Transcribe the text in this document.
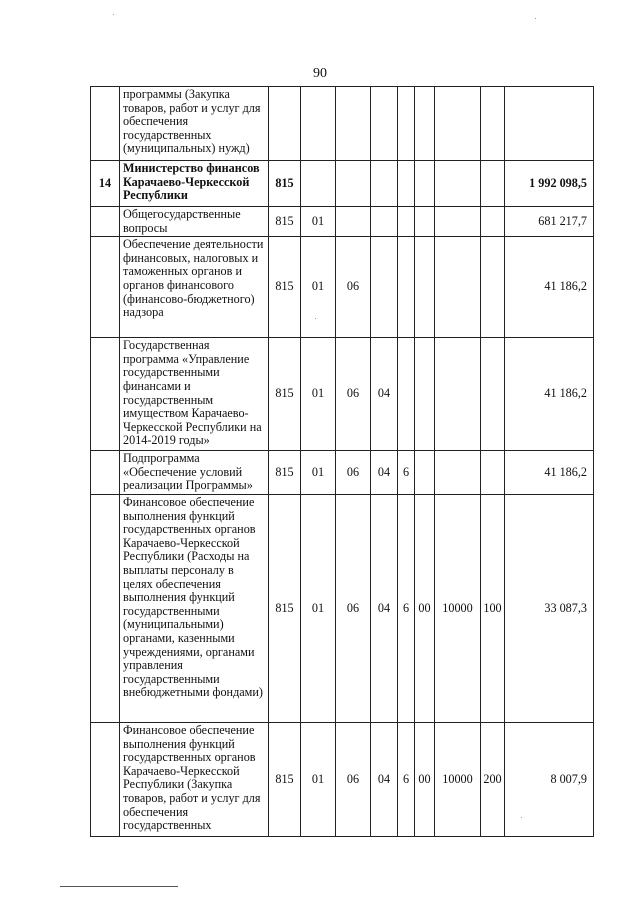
90
	программы (Закупка товаров, работ и услуг для обеспечения государственных (муниципальных) нужд)									
14	Министерство финансов Карачаево-Черкесской Республики	815								1 992 098,5
	Общегосударственные вопросы	815	01							681 217,7
	Обеспечение деятельности финансовых, налоговых и таможенных органов и органов финансового (финансово-бюджетного) надзора	815	01	06						41 186,2
	Государственная программа «Управление государственными финансами и государственным имуществом Карачаево-Черкесской Республики на 2014-2019 годы»	815	01	06	04					41 186,2
	Подпрограмма «Обеспечение условий реализации Программы»	815	01	06	04	6				41 186,2
	Финансовое обеспечение выполнения функций государственных органов Карачаево-Черкесской Республики (Расходы на выплаты персоналу в целях обеспечения выполнения функций государственными (муниципальными) органами, казенными учреждениями, органами управления государственными внебюджетными фондами)	815	01	06	04	6	00	10000	100	33 087,3
	Финансовое обеспечение выполнения функций государственных органов Карачаево-Черкесской Республики (Закупка товаров, работ и услуг для обеспечения государственных	815	01	06	04	6	00	10000	200	8 007,9
